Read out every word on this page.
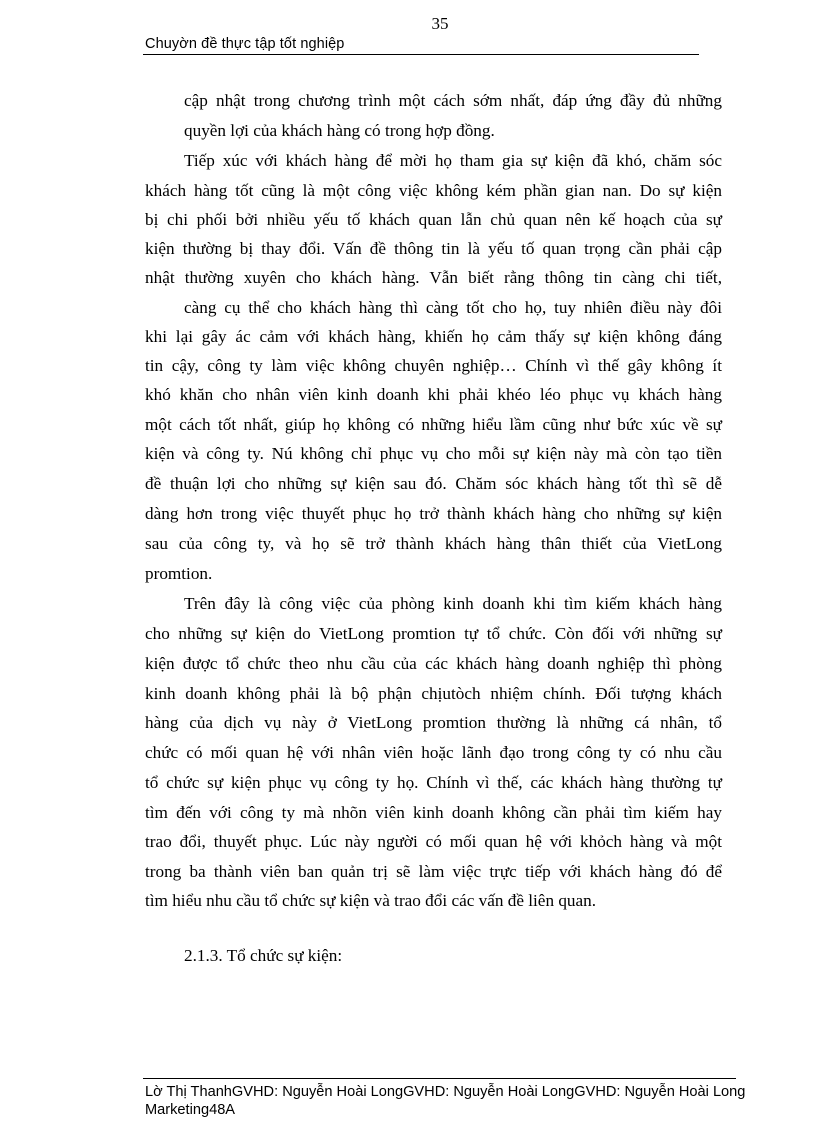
35
Chuyờn đề thực tập tốt nghiệp
cập nhật trong chương trình một cách sớm nhất, đáp ứng đầy đủ những
quyền lợi của khách hàng có trong hợp đồng.
Tiếp xúc với khách hàng để mời họ tham gia sự kiện đã khó, chăm sóc
khách hàng tốt cũng là một công việc không kém phần gian nan. Do sự kiện
bị chi phối bởi nhiều yếu tố khách quan lẫn chủ quan nên kế hoạch của sự
kiện thường bị thay đổi. Vấn đề thông tin là yếu tố quan trọng cần phải cập
nhật thường xuyên cho khách hàng. Vẫn biết rằng thông tin càng chi tiết,
càng cụ thể cho khách hàng thì càng tốt cho họ, tuy nhiên điều này đôi
khi lại gây ác cảm với khách hàng, khiến họ cảm thấy sự kiện không đáng
tin cậy, công ty làm việc không chuyên nghiệp… Chính vì thế gây không ít
khó khăn cho nhân viên kinh doanh khi phải khéo léo phục vụ khách hàng
một cách tốt nhất, giúp họ không có những hiểu lầm cũng như bức xúc về sự
kiện và công ty. Nú không chỉ phục vụ cho mỗi sự kiện này mà còn tạo tiền
đề thuận lợi cho những sự kiện sau đó. Chăm sóc khách hàng tốt thì sẽ dễ
dàng hơn trong việc thuyết phục họ trở thành khách hàng cho những sự kiện
sau của công ty, và họ sẽ trở thành khách hàng thân thiết của VietLong
promtion.
Trên đây là công việc của phòng kinh doanh khi tìm kiếm khách hàng
cho những sự kiện do VietLong promtion tự tổ chức. Còn đối với những sự
kiện được tổ chức theo nhu cầu của các khách hàng doanh nghiệp thì phòng
kinh doanh không phải là bộ phận chịutòch nhiệm chính. Đối tượng khách
hàng của dịch vụ này ở VietLong promtion thường là những cá nhân, tổ
chức có mối quan hệ với nhân viên hoặc lãnh đạo trong công ty có nhu cầu
tổ chức sự kiện phục vụ công ty họ. Chính vì thế, các khách hàng thường tự
tìm đến với công ty mà nhõn viên kinh doanh không cần phải tìm kiếm hay
trao đổi, thuyết phục. Lúc này người có mối quan hệ với khỏch hàng và một
trong ba thành viên ban quản trị sẽ làm việc trực tiếp với khách hàng đó để
tìm hiểu nhu cầu tổ chức sự kiện và trao đổi các vấn đề liên quan.
2.1.3. Tổ chức sự kiện:
Lờ Thị ThanhGVHD: Nguyễn Hoài LongGVHD: Nguyễn Hoài LongGVHD: Nguyễn Hoài Long
Marketing48A
